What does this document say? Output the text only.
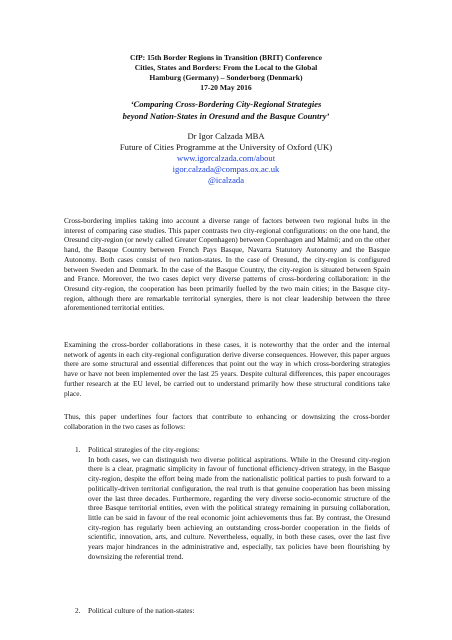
CfP: 15th Border Regions in Transition (BRIT) Conference
Cities, States and Borders: From the Local to the Global
Hamburg (Germany) – Sonderborg (Denmark)
17-20 May 2016
‘Comparing Cross-Bordering City-Regional Strategies
beyond Nation-States in Oresund and the Basque Country’
Dr Igor Calzada MBA
Future of Cities Programme at the University of Oxford (UK)
www.igorcalzada.com/about
igor.calzada@compas.ox.ac.uk
@icalzada

Cross-bordering implies taking into account a diverse range of factors between two regional hubs in the interest of comparing case studies. This paper contrasts two city-regional configurations: on the one hand, the Oresund city-region (or newly called Greater Copenhagen) between Copenhagen and Malmö; and on the other hand, the Basque Country between French Pays Basque, Navarra Statutory Autonomy and the Basque Autonomy. Both cases consist of two nation-states. In the case of Oresund, the city-region is configured between Sweden and Denmark. In the case of the Basque Country, the city-region is situated between Spain and France. Moreover, the two cases depict very diverse patterns of cross-bordering collaboration: in the Oresund city-region, the cooperation has been primarily fuelled by the two main cities; in the Basque city-region, although there are remarkable territorial synergies, there is not clear leadership between the three aforementioned territorial entities.

Examining the cross-border collaborations in these cases, it is noteworthy that the order and the internal network of agents in each city-regional configuration derive diverse consequences. However, this paper argues there are some structural and essential differences that point out the way in which cross-bordering strategies have or have not been implemented over the last 25 years. Despite cultural differences, this paper encourages further research at the EU level, be carried out to understand primarily how these structural conditions take place.

Thus, this paper underlines four factors that contribute to enhancing or downsizing the cross-border collaboration in the two cases as follows:

1. Political strategies of the city-regions:
In both cases, we can distinguish two diverse political aspirations. While in the Oresund city-region there is a clear, pragmatic simplicity in favour of functional efficiency-driven strategy, in the Basque city-region, despite the effort being made from the nationalistic political parties to push forward to a politically-driven territorial configuration, the real truth is that genuine cooperation has been missing over the last three decades. Furthermore, regarding the very diverse socio-economic structure of the three Basque territorial entities, even with the political strategy remaining in pursuing collaboration, little can be said in favour of the real economic joint achievements thus far. By contrast, the Oresund city-region has regularly been achieving an outstanding cross-border cooperation in the fields of scientific, innovation, arts, and culture. Nevertheless, equally, in both these cases, over the last five years major hindrances in the administrative and, especially, tax policies have been flourishing by downsizing the referential trend.
2. Political culture of the nation-states:
